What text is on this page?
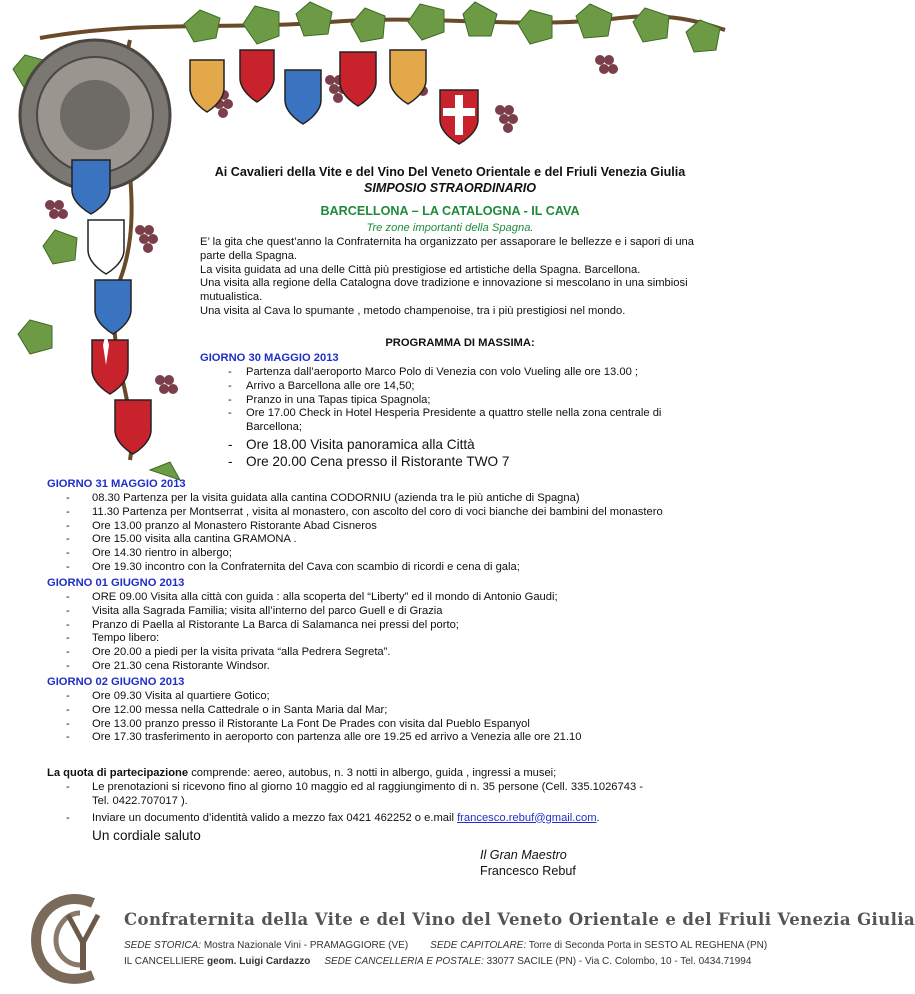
Ai Cavalieri della Vite e del Vino Del Veneto Orientale e del Friuli Venezia Giulia
SIMPOSIO STRAORDINARIO
BARCELLONA – LA CATALOGNA - IL CAVA
Tre zone importanti della Spagna.

E’ la gita che quest’anno la Confraternita ha organizzato per assaporare le bellezze e i sapori di una

parte della Spagna.

La visita guidata ad una delle Città più prestigiose ed artistiche della Spagna. Barcellona.

Una visita alla regione della Catalogna dove tradizione e innovazione si mescolano in una simbiosi

mutualistica.

Una visita al Cava lo spumante , metodo champenoise, tra i più prestigiosi nel mondo.

PROGRAMMA DI MASSIMA:
GIORNO 30 MAGGIO 2013
- Partenza dall’aeroporto Marco Polo di Venezia con volo Vueling alle ore 13.00 ;
- Arrivo a Barcellona alle ore 14,50;
- Pranzo in una Tapas tipica Spagnola;
- Ore 17.00 Check in Hotel Hesperia Presidente a quattro stelle nella zona centrale di
Barcellona;
- Ore 18.00 Visita panoramica alla Città
- Ore 20.00 Cena presso il Ristorante TWO 7
GIORNO 31 MAGGIO 2013
- 08.30 Partenza per la visita guidata alla cantina CODORNIU (azienda tra le più antiche di Spagna)
- 11.30 Partenza per Montserrat , visita al monastero, con ascolto del coro di voci bianche dei bambini del monastero
- Ore 13.00 pranzo al Monastero Ristorante Abad Cisneros
- Ore 15.00 visita alla cantina GRAMONA .
- Ore 14.30 rientro in albergo;
- Ore 19.30 incontro con la Confraternita del Cava con scambio di ricordi e cena di gala;
GIORNO 01 GIUGNO 2013
- ORE 09.00 Visita alla città con guida : alla scoperta del “Liberty” ed il mondo di Antonio Gaudi;
- Visita alla Sagrada Familia; visita all’interno del parco Guell e di Grazia
- Pranzo di Paella al Ristorante La Barca di Salamanca nei pressi del porto;
- Tempo libero:
- Ore 20.00 a piedi per la visita privata “alla Pedrera Segreta”.
- Ore 21.30 cena Ristorante Windsor.
GIORNO 02 GIUGNO 2013
- Ore 09.30 Visita al quartiere Gotico;
- Ore 12.00 messa nella Cattedrale o in Santa Maria dal Mar;
- Ore 13.00 pranzo presso il Ristorante La Font De Prades con visita dal Pueblo Espanyol
- Ore 17.30 trasferimento in aeroporto con partenza alle ore 19.25 ed arrivo a Venezia alle ore 21.10
La quota di partecipazione comprende: aereo, autobus, n. 3 notti in albergo, guida , ingressi a musei;
- Le prenotazioni si ricevono fino al giorno 10 maggio ed al raggiungimento di n. 35 persone (Cell. 335.1026743 -
Tel. 0422.707017 ).
- Inviare un documento d’identità valido a mezzo fax 0421 462252 o e.mail francesco.rebuf@gmail.com.
Un cordiale saluto
Il Gran Maestro
Francesco Rebuf
Confraternita della Vite e del Vino del Veneto Orientale e del Friuli Venezia Giulia
SEDE STORICA: Mostra Nazionale Vini - PRAMAGGIORE (VE) SEDE CAPITOLARE: Torre di Seconda Porta in SESTO AL REGHENA (PN)
IL CANCELLIERE geom. Luigi Cardazzo SEDE CANCELLERIA E POSTALE: 33077 SACILE (PN) - Via C. Colombo, 10 - Tel. 0434.71994
